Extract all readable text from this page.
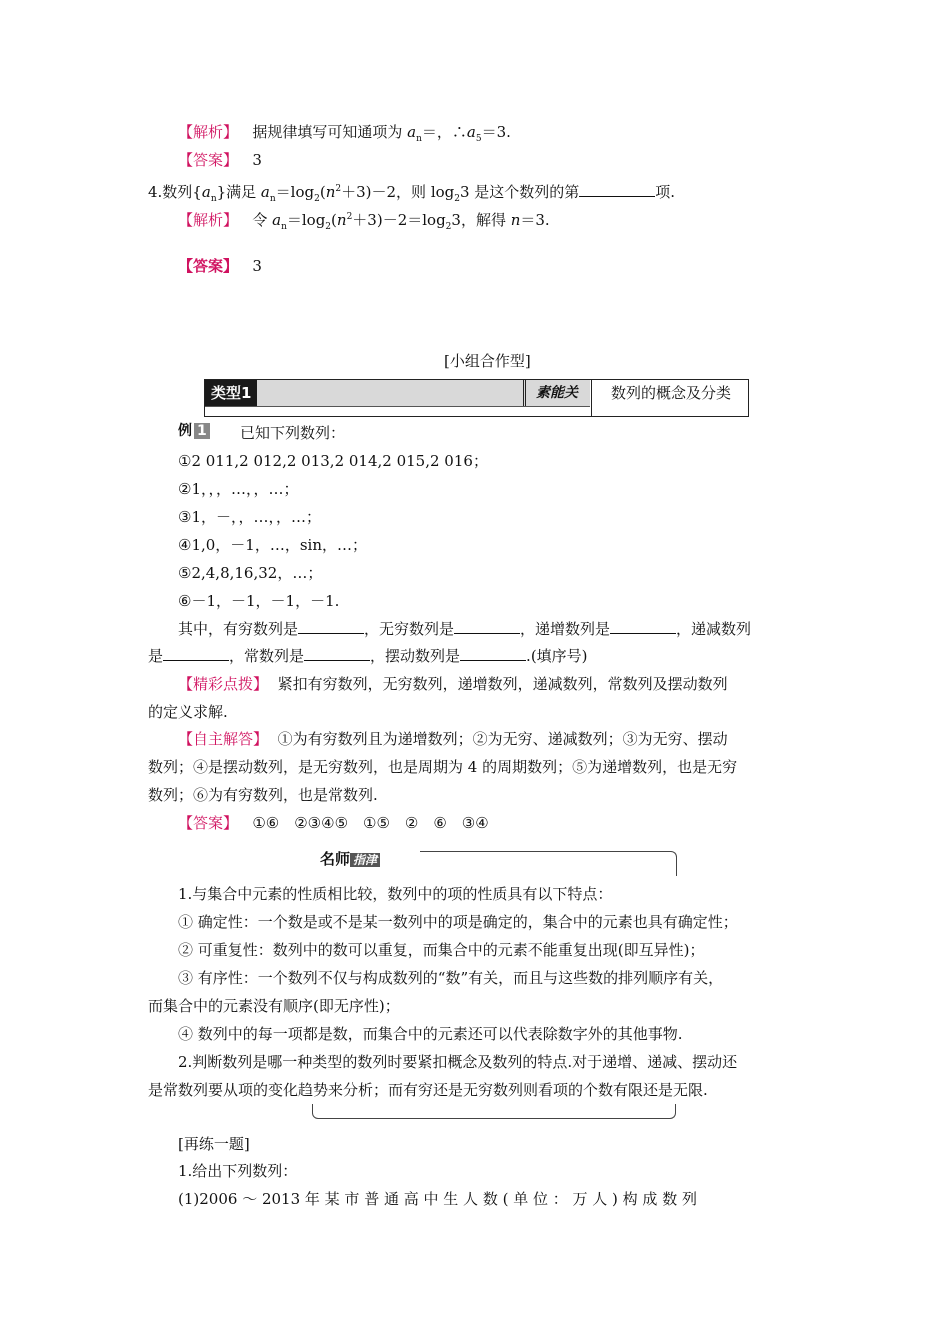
【解析】 据规律填写可知通项为 $a_n=$，$\therefore a_5=3$.
【答案】 3
4.数列$\{a_n\}$满足 $a_n=\log_2(n^2+3)-2$，则 $\log_23$ 是这个数列的第	项.
【解析】 令 $a_n=\log_2(n^2+3)-2=\log_23$，解得 n＝3.
【答案】 3
[小组合作型]
类型1	素能关	数列的概念及分类
例 1 已知下列数列：
①2 011,2 012,2 013,2 014,2 015,2 016；
②1，，，…，，…；
③1，－，，…，，…；
④1,0，－1，…，sin，…；
⑤2,4,8,16,32，…；
⑥－1，－1，－1，－1.
其中，有穷数列是	，无穷数列是	，递增数列是	，递减数列
是	，常数列是	，摆动数列是	.(填序号)
【精彩点拨】 紧扣有穷数列，无穷数列，递增数列，递减数列，常数列及摆动数列
的定义求解.
【自主解答】 ①为有穷数列且为递增数列；②为无穷、递减数列；③为无穷、摆动
数列；④是摆动数列，是无穷数列，也是周期为 4 的周期数列；⑤为递增数列，也是无穷
数列；⑥为有穷数列，也是常数列.
【答案】 ①⑥　②③④⑤　①⑤　②　⑥　③④
名师 指津
1.与集合中元素的性质相比较，数列中的项的性质具有以下特点：
① 确定性：一个数是或不是某一数列中的项是确定的，集合中的元素也具有确定性；
② 可重复性：数列中的数可以重复，而集合中的元素不能重复出现(即互异性)；
③ 有序性：一个数列不仅与构成数列的“数”有关，而且与这些数的排列顺序有关，
而集合中的元素没有顺序(即无序性)；
④ 数列中的每一项都是数，而集合中的元素还可以代表除数字外的其他事物.
2.判断数列是哪一种类型的数列时要紧扣概念及数列的特点.对于递增、递减、摆动还
是常数列要从项的变化趋势来分析；而有穷还是无穷数列则看项的个数有限还是无限.
[再练一题]
1.给出下列数列：
(1)2006 ～ 2013 年 某 市 普 通 高 中 生 人 数 ( 单 位 ： 万 人 ) 构 成 数 列
